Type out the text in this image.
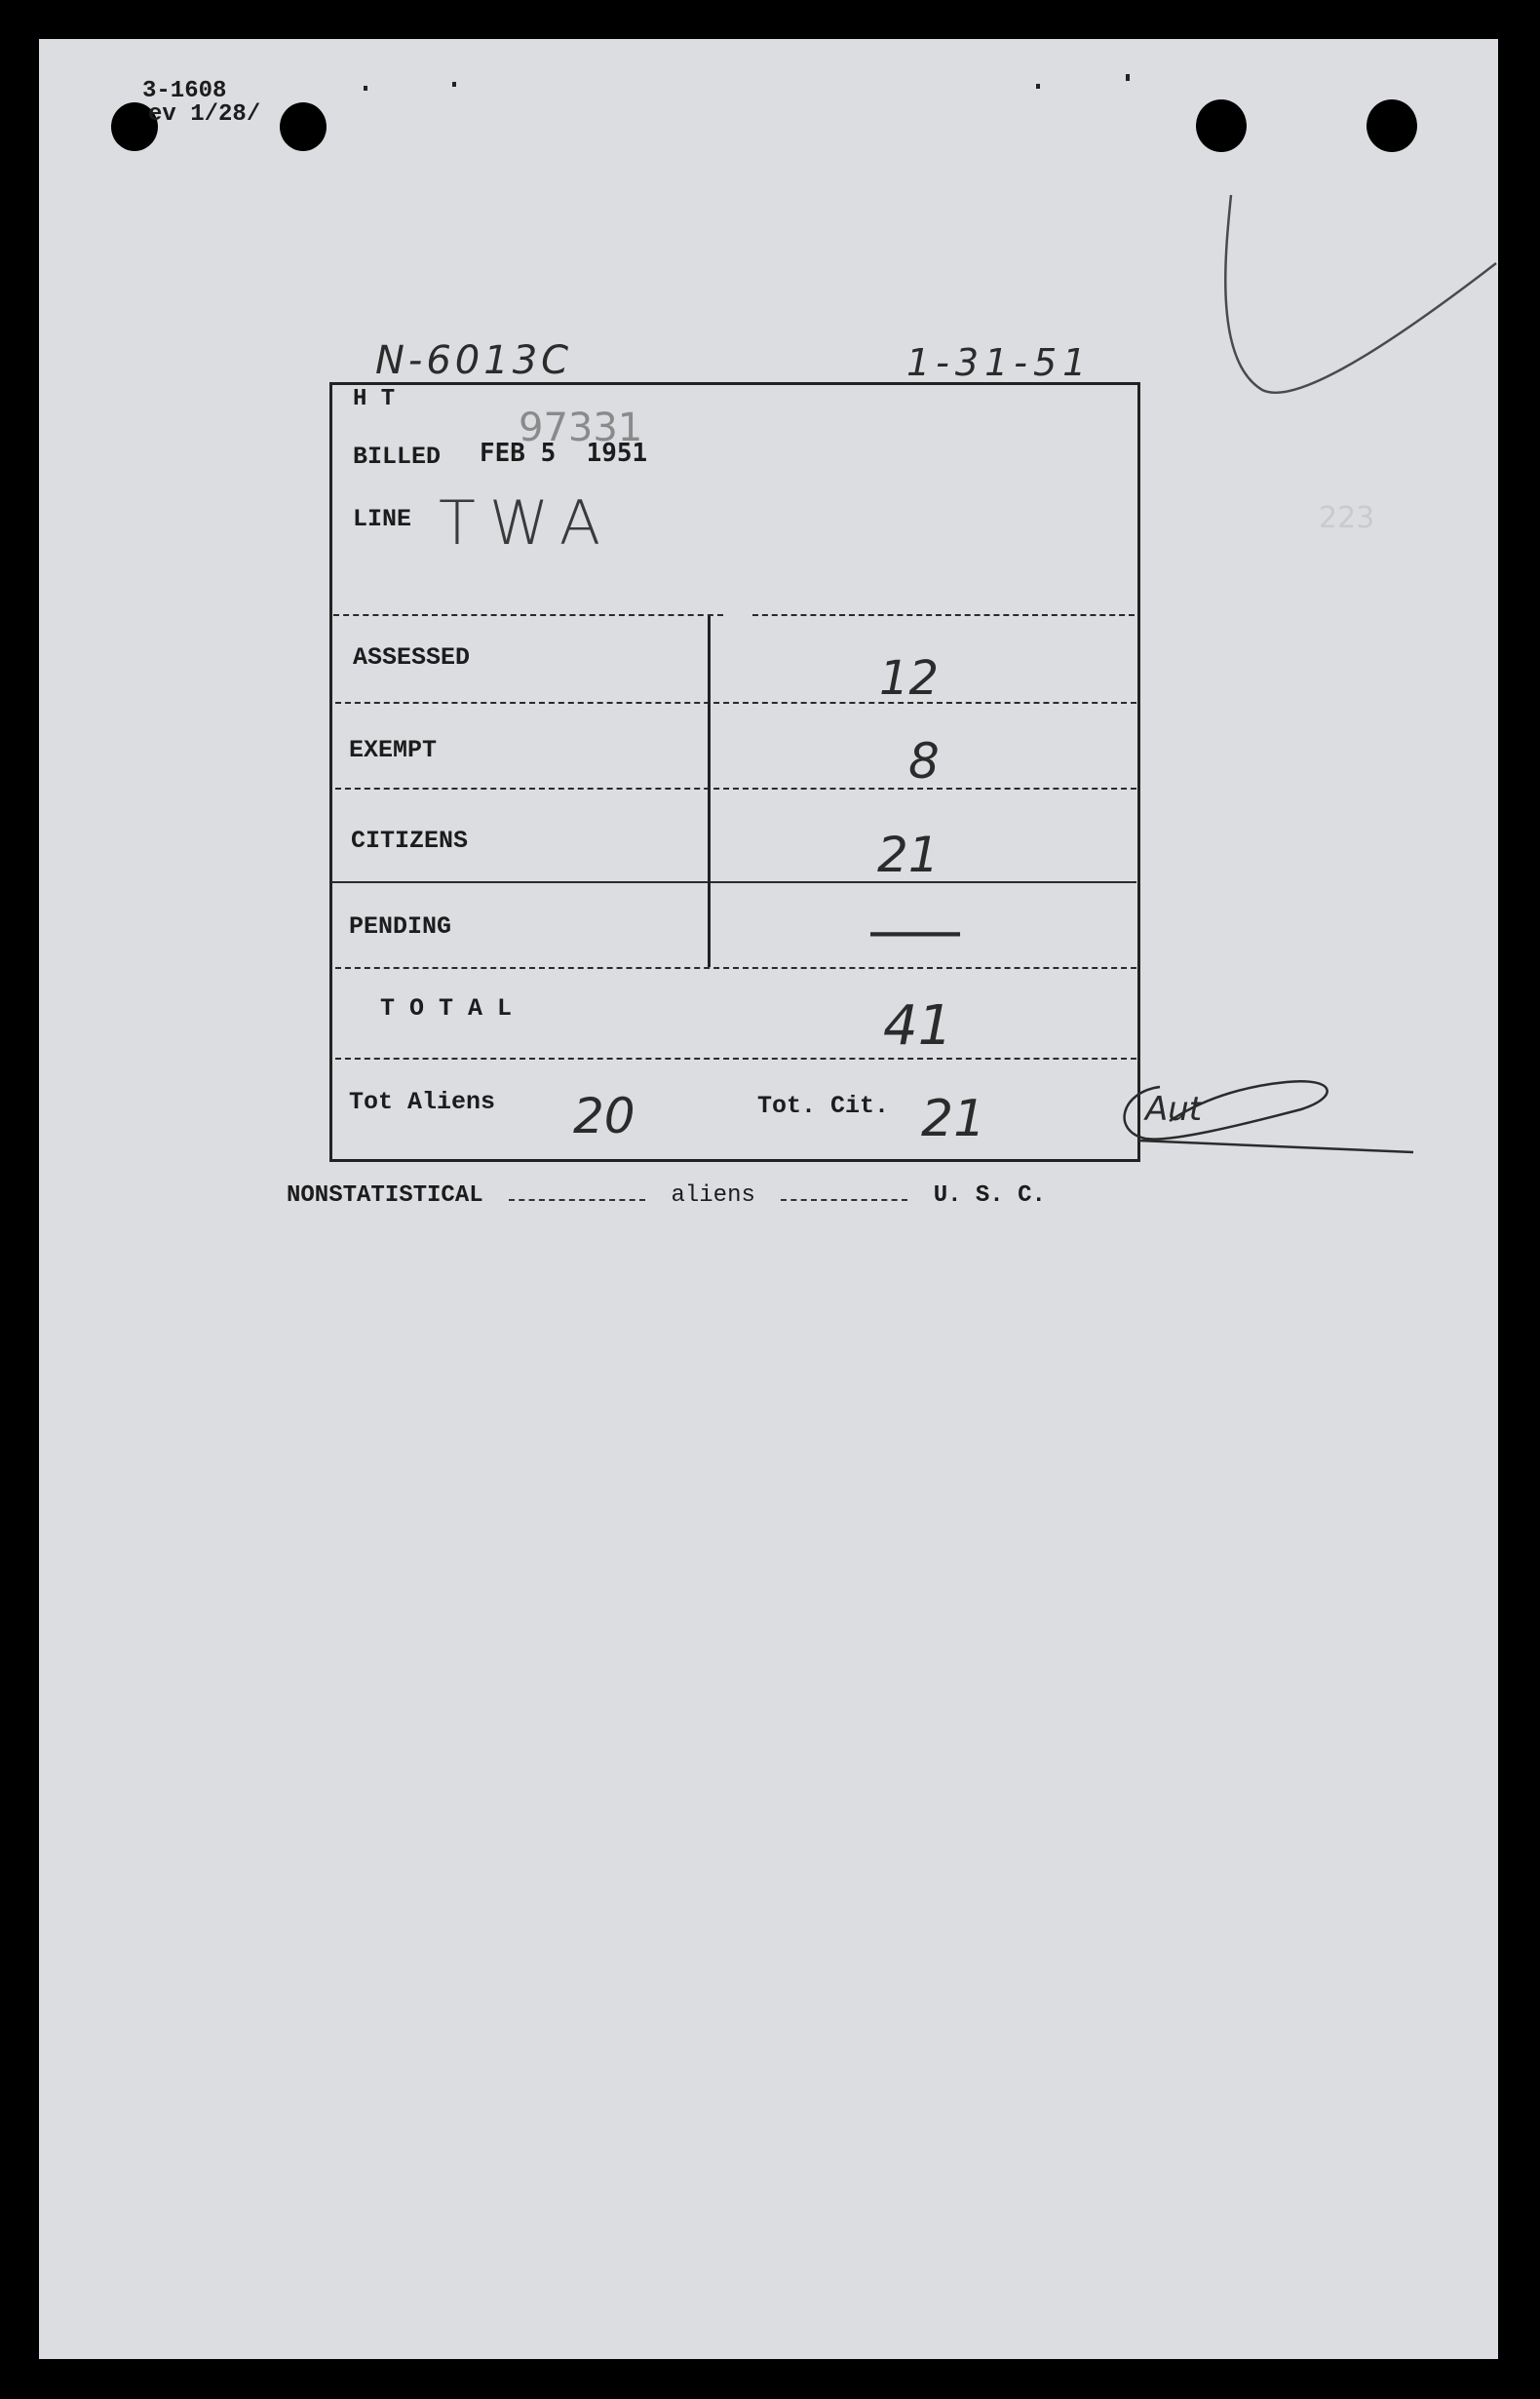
3-1608
ev 1/28/
223
N-6013C	1-31-51
H T
97331
BILLED FEB 5  1951
LINE TWA
ASSESSED	12
EXEMPT	8
CITIZENS	21
PENDING	—
T O T A L	41
Tot Aliens 20	Tot. Cit. 21	Aut
NONSTATISTICAL	aliens	U. S. C.
